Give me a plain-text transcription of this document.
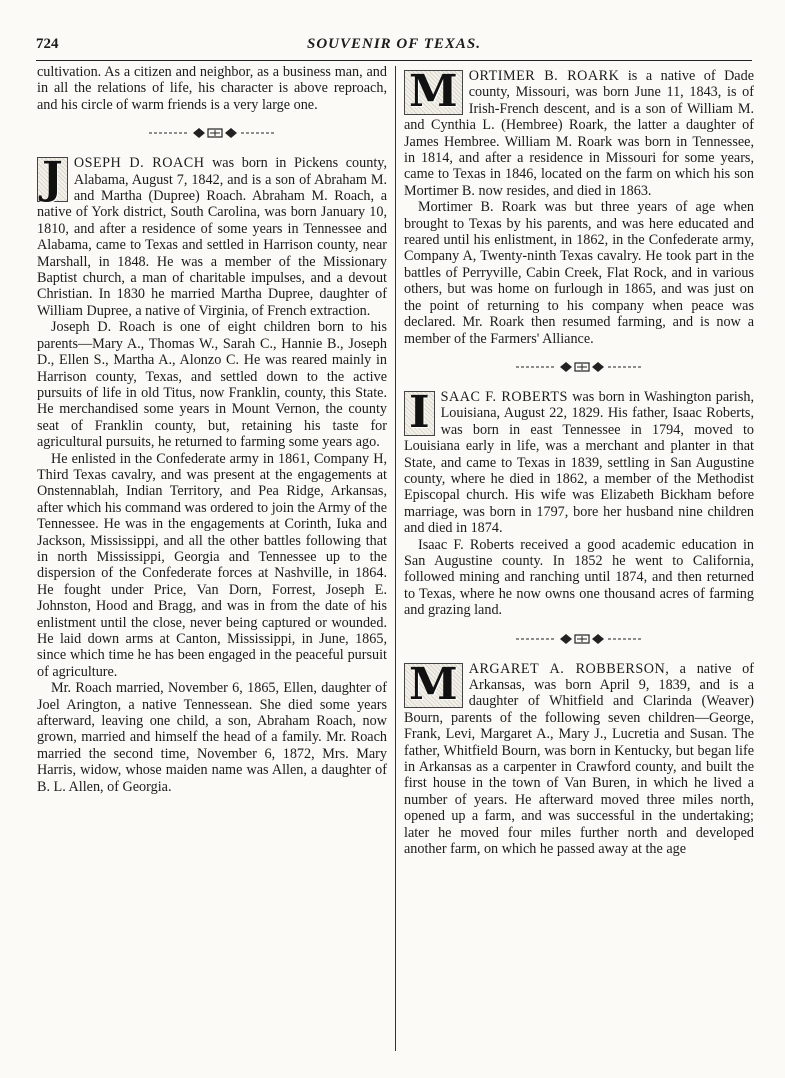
724	SOUVENIR OF TEXAS.

cultivation. As a citizen and neighbor, as a business man, and in all the relations of life, his character is above reproach, and his circle of warm friends is a very large one.

J OSEPH D. ROACH was born in Pickens county, Alabama, August 7, 1842, and is a son of Abraham M. and Martha (Dupree) Roach. Abraham M. Roach, a native of York district, South Carolina, was born January 10, 1810, and after a residence of some years in Tennessee and Alabama, came to Texas and settled in Harrison county, near Marshall, in 1848. He was a member of the Missionary Baptist church, a man of charitable impulses, and a devout Christian. In 1830 he married Martha Dupree, daughter of William Dupree, a native of Virginia, of French extraction.

Joseph D. Roach is one of eight children born to his parents—Mary A., Thomas W., Sarah C., Hannie B., Joseph D., Ellen S., Martha A., Alonzo C. He was reared mainly in Harrison county, Texas, and settled down to the active pursuits of life in old Titus, now Franklin, county, this State. He merchandised some years in Mount Vernon, the county seat of Franklin county, but, retaining his taste for agricultural pursuits, he returned to farming some years ago.

He enlisted in the Confederate army in 1861, Company H, Third Texas cavalry, and was present at the engagements at Onstennablah, Indian Territory, and Pea Ridge, Arkansas, after which his command was ordered to join the Army of the Tennessee. He was in the engagements at Corinth, Iuka and Jackson, Mississippi, and all the other battles following that in north Mississippi, Georgia and Tennessee up to the dispersion of the Confederate forces at Nashville, in 1864. He fought under Price, Van Dorn, Forrest, Joseph E. Johnston, Hood and Bragg, and was in from the date of his enlistment until the close, never being captured or wounded. He laid down arms at Canton, Mississippi, in June, 1865, since which time he has been engaged in the peaceful pursuit of agriculture.

Mr. Roach married, November 6, 1865, Ellen, daughter of Joel Arington, a native Tennessean. She died some years afterward, leaving one child, a son, Abraham Roach, now grown, married and himself the head of a family. Mr. Roach married the second time, November 6, 1872, Mrs. Mary Harris, widow, whose maiden name was Allen, a daughter of B. L. Allen, of Georgia.

M ORTIMER B. ROARK is a native of Dade county, Missouri, was born June 11, 1843, is of Irish-French descent, and is a son of William M. and Cynthia L. (Hembree) Roark, the latter a daughter of James Hembree. William M. Roark was born in Tennessee, in 1814, and after a residence in Missouri for some years, came to Texas in 1846, located on the farm on which his son Mortimer B. now resides, and died in 1863.

Mortimer B. Roark was but three years of age when brought to Texas by his parents, and was here educated and reared until his enlistment, in 1862, in the Confederate army, Company A, Twenty-ninth Texas cavalry. He took part in the battles of Perryville, Cabin Creek, Flat Rock, and in various others, but was home on furlough in 1865, and was just on the point of returning to his company when peace was declared. Mr. Roark then resumed farming, and is now a member of the Farmers' Alliance.

I SAAC F. ROBERTS was born in Washington parish, Louisiana, August 22, 1829. His father, Isaac Roberts, was born in east Tennessee in 1794, moved to Louisiana early in life, was a merchant and planter in that State, and came to Texas in 1839, settling in San Augustine county, where he died in 1862, a member of the Methodist Episcopal church. His wife was Elizabeth Bickham before marriage, was born in 1797, bore her husband nine children and died in 1874.

Isaac F. Roberts received a good academic education in San Augustine county. In 1852 he went to California, followed mining and ranching until 1874, and then returned to Texas, where he now owns one thousand acres of farming and grazing land.

M ARGARET A. ROBBERSON, a native of Arkansas, was born April 9, 1839, and is a daughter of Whitfield and Clarinda (Weaver) Bourn, parents of the following seven children—George, Frank, Levi, Margaret A., Mary J., Lucretia and Susan. The father, Whitfield Bourn, was born in Kentucky, but began life in Arkansas as a carpenter in Crawford county, and built the first house in the town of Van Buren, in which he lived a number of years. He afterward moved three miles north, opened up a farm, and was successful in the undertaking; later he moved four miles further north and developed another farm, on which he passed away at the age
